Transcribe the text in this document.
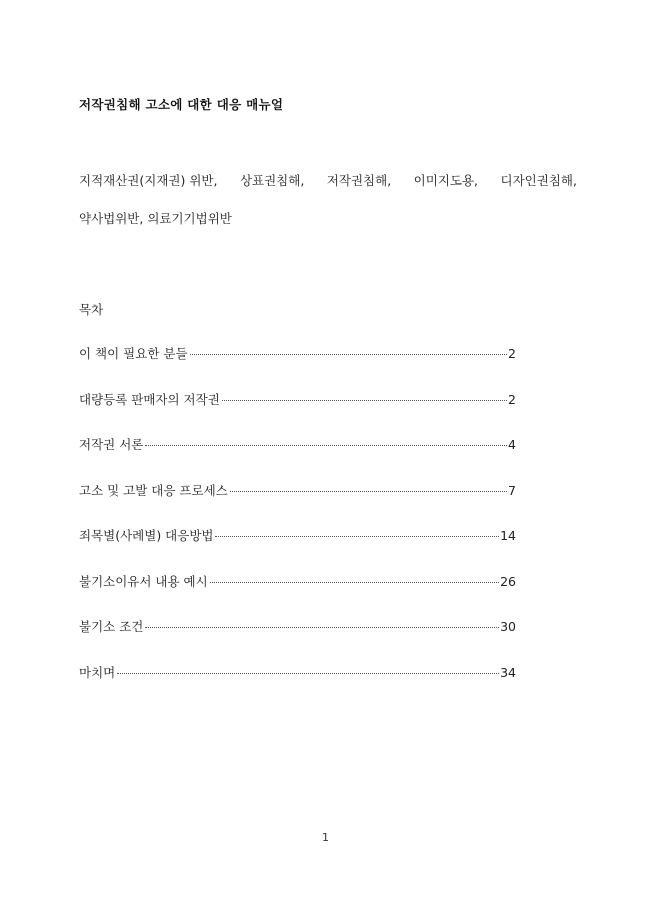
저작권침해 고소에 대한 대응 매뉴얼
지적재산권(지재권) 위반, 상표권침해, 저작권침해, 이미지도용, 디자인권침해,
약사법위반, 의료기기법위반
목차
이 책이 필요한 분들	2
대량등록 판매자의 저작권	2
저작권 서론	4
고소 및 고발 대응 프로세스	7
죄목별(사례별) 대응방법	14
불기소이유서 내용 예시	26
불기소 조건	30
마치며	34
1
